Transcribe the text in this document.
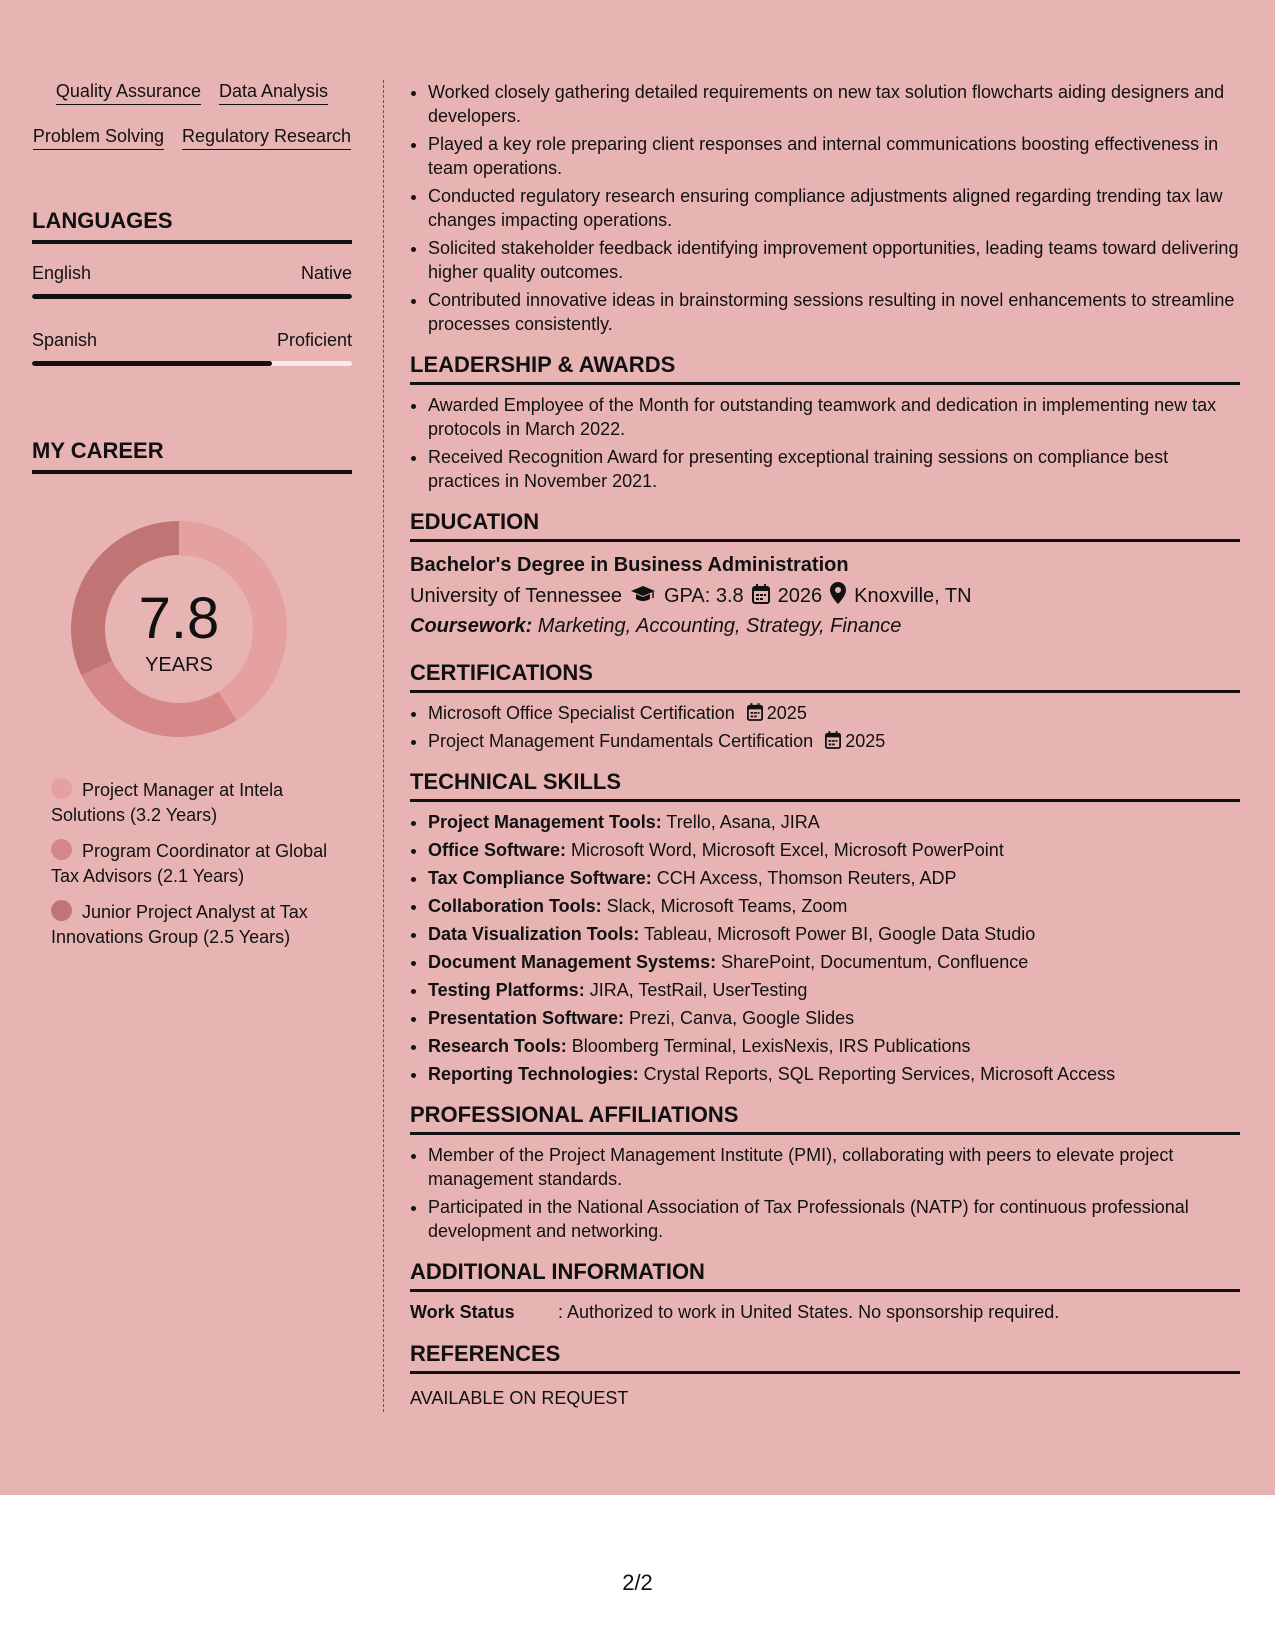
Quality Assurance Data Analysis
Problem Solving Regulatory Research
LANGUAGES
English	Native
Spanish	Proficient
MY CAREER
7.8
YEARS
Project Manager at Intela Solutions (3.2 Years)
Program Coordinator at Global Tax Advisors (2.1 Years)
Junior Project Analyst at Tax Innovations Group (2.5 Years)
• Worked closely gathering detailed requirements on new tax solution flowcharts aiding designers and developers.
• Played a key role preparing client responses and internal communications boosting effectiveness in team operations.
• Conducted regulatory research ensuring compliance adjustments aligned regarding trending tax law changes impacting operations.
• Solicited stakeholder feedback identifying improvement opportunities, leading teams toward delivering higher quality outcomes.
• Contributed innovative ideas in brainstorming sessions resulting in novel enhancements to streamline processes consistently.
LEADERSHIP & AWARDS
• Awarded Employee of the Month for outstanding teamwork and dedication in implementing new tax protocols in March 2022.
• Received Recognition Award for presenting exceptional training sessions on compliance best practices in November 2021.
EDUCATION
Bachelor's Degree in Business Administration
University of Tennessee GPA: 3.8 2026 Knoxville, TN
Coursework: Marketing, Accounting, Strategy, Finance
CERTIFICATIONS
• Microsoft Office Specialist Certification 2025
• Project Management Fundamentals Certification 2025
TECHNICAL SKILLS
• Project Management Tools: Trello, Asana, JIRA
• Office Software: Microsoft Word, Microsoft Excel, Microsoft PowerPoint
• Tax Compliance Software: CCH Axcess, Thomson Reuters, ADP
• Collaboration Tools: Slack, Microsoft Teams, Zoom
• Data Visualization Tools: Tableau, Microsoft Power BI, Google Data Studio
• Document Management Systems: SharePoint, Documentum, Confluence
• Testing Platforms: JIRA, TestRail, UserTesting
• Presentation Software: Prezi, Canva, Google Slides
• Research Tools: Bloomberg Terminal, LexisNexis, IRS Publications
• Reporting Technologies: Crystal Reports, SQL Reporting Services, Microsoft Access
PROFESSIONAL AFFILIATIONS
• Member of the Project Management Institute (PMI), collaborating with peers to elevate project management standards.
• Participated in the National Association of Tax Professionals (NATP) for continuous professional development and networking.
ADDITIONAL INFORMATION
Work Status	: Authorized to work in United States. No sponsorship required.
REFERENCES
AVAILABLE ON REQUEST
2/2
